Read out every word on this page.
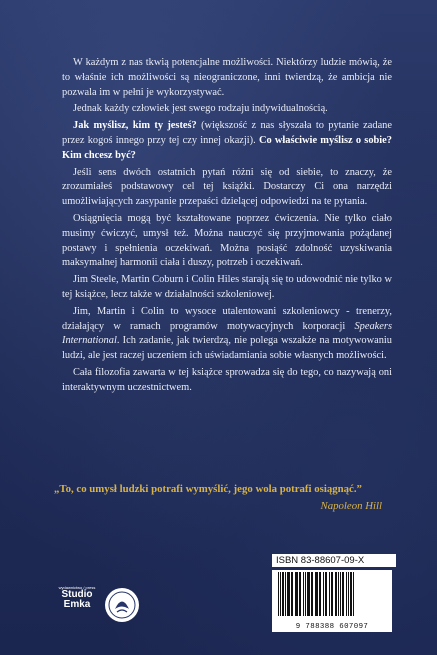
W każdym z nas tkwią potencjalne możliwości. Niektórzy ludzie mówią, że to właśnie ich możliwości są nieograniczone, inni twierdzą, że ambicja nie pozwala im w pełni je wykorzystywać.

Jednak każdy człowiek jest swego rodzaju indywidualnością.

Jak myślisz, kim ty jesteś? (większość z nas słyszała to pytanie zadane przez kogoś innego przy tej czy innej okazji). Co właściwie myślisz o sobie? Kim chcesz być?

Jeśli sens dwóch ostatnich pytań różni się od siebie, to znaczy, że zrozumiałeś podstawowy cel tej książki. Dostarczy Ci ona narzędzi umożliwiających zasypanie przepaści dzielącej odpowiedzi na te pytania.

Osiągnięcia mogą być kształtowane poprzez ćwiczenia. Nie tylko ciało musimy ćwiczyć, umysł też. Można nauczyć się przyjmowania pożądanej postawy i spełnienia oczekiwań. Można posiąść zdolność uzyskiwania maksymalnej harmonii ciała i duszy, potrzeb i oczekiwań.

Jim Steele, Martin Coburn i Colin Hiles starają się to udowodnić nie tylko w tej książce, lecz także w działalności szkoleniowej.

Jim, Martin i Colin to wysoce utalentowani szkoleniowcy - trenerzy, działający w ramach programów motywacyjnych korporacji Speakers International. Ich zadanie, jak twierdzą, nie polega wszakże na motywowaniu ludzi, ale jest raczej uczeniem ich uświadamiania sobie własnych możliwości.

Cała filozofia zawarta w tej książce sprowadza się do tego, co nazywają oni interaktywnym uczestnictwem.

„To, co umysł ludzki potrafi wymyślić, jego wola potrafi osiągnąć.”
Napoleon Hill
wydawnictwo / press
Studio
Emka
ISBN 83-88607-09-X
9 788388 607097
